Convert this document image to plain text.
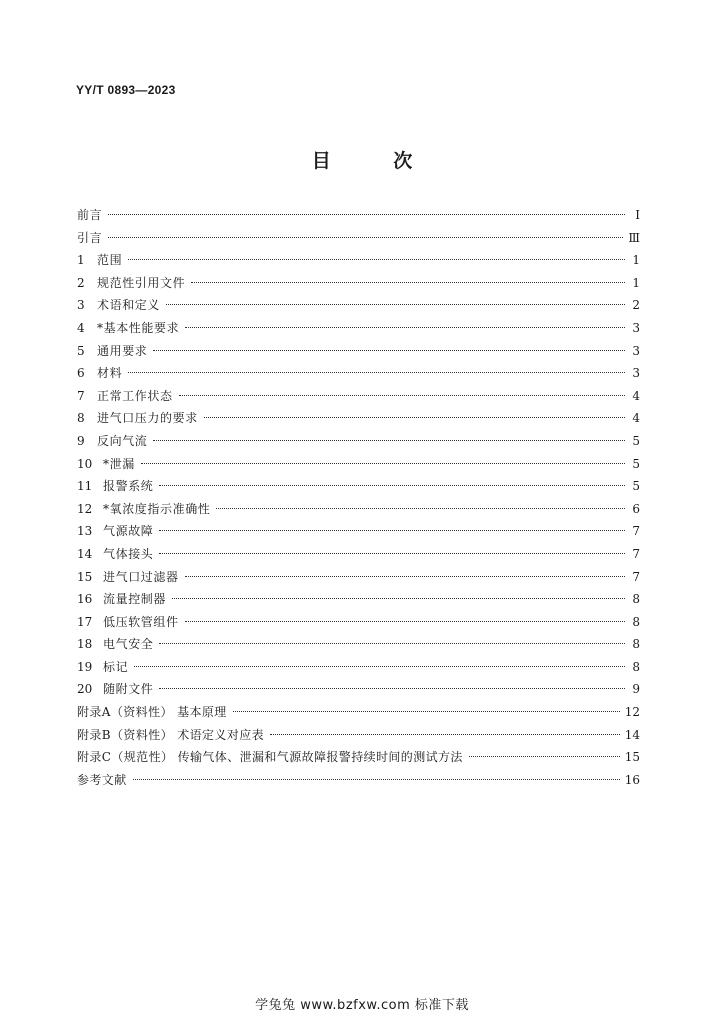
YY/T 0893—2023
目 次
前言	Ⅰ
引言	Ⅲ
1	范围	1
2	规范性引用文件	1
3	术语和定义	2
4	*基本性能要求	3
5	通用要求	3
6	材料	3
7	正常工作状态	4
8	进气口压力的要求	4
9	反向气流	5
10 *泄漏	5
11 报警系统	5
12 *氧浓度指示准确性	6
13 气源故障	7
14 气体接头	7
15 进气口过滤器	7
16 流量控制器	8
17 低压软管组件	8
18 电气安全	8
19 标记	8
20 随附文件	9
附录A（资料性） 基本原理	12
附录B（资料性） 术语定义对应表	14
附录C（规范性） 传输气体、泄漏和气源故障报警持续时间的测试方法	15
参考文献	16
学兔兔 www.bzfxw.com 标准下载
